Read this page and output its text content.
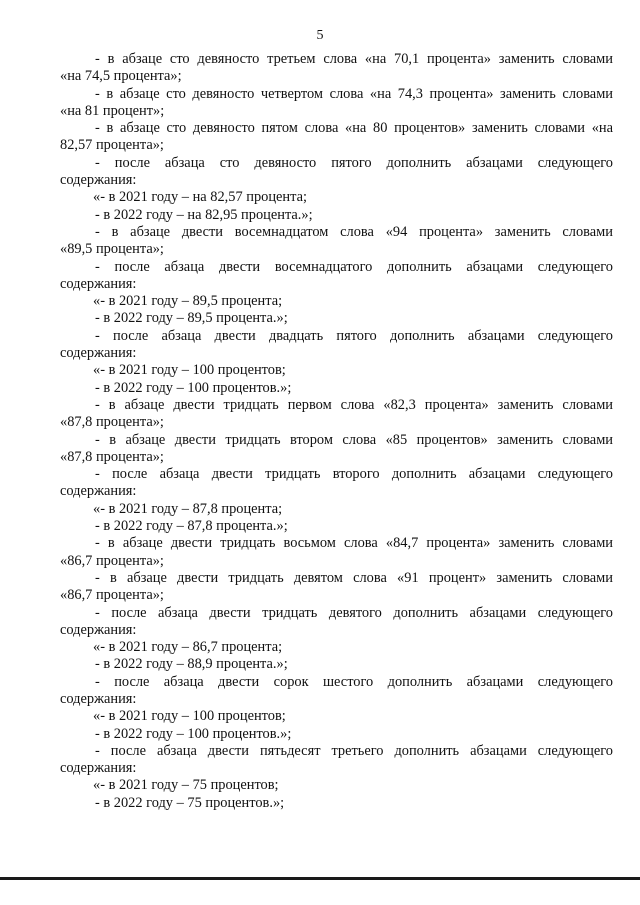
5
- в абзаце сто девяносто третьем слова «на 70,1 процента» заменить словами
«на 74,5 процента»;
- в абзаце сто девяносто четвертом слова «на 74,3 процента» заменить словами
«на 81 процент»;
- в абзаце сто девяносто пятом слова «на 80 процентов» заменить словами «на
82,57 процента»;
- после абзаца сто девяносто пятого дополнить абзацами следующего
содержания:
«- в 2021 году – на 82,57 процента;
- в 2022 году – на 82,95 процента.»;
- в абзаце двести восемнадцатом слова «94 процента» заменить словами
«89,5 процента»;
- после абзаца двести восемнадцатого дополнить абзацами следующего
содержания:
«- в 2021 году – 89,5 процента;
- в 2022 году – 89,5 процента.»;
- после абзаца двести двадцать пятого дополнить абзацами следующего
содержания:
«- в 2021 году – 100 процентов;
- в 2022 году – 100 процентов.»;
- в абзаце двести тридцать первом слова «82,3 процента» заменить словами
«87,8 процента»;
- в абзаце двести тридцать втором слова «85 процентов» заменить словами
«87,8 процента»;
- после абзаца двести тридцать второго дополнить абзацами следующего
содержания:
«- в 2021 году – 87,8 процента;
- в 2022 году – 87,8 процента.»;
- в абзаце двести тридцать восьмом слова «84,7 процента» заменить словами
«86,7 процента»;
- в абзаце двести тридцать девятом слова «91 процент» заменить словами
«86,7 процента»;
- после абзаца двести тридцать девятого дополнить абзацами следующего
содержания:
«- в 2021 году – 86,7 процента;
- в 2022 году – 88,9 процента.»;
- после абзаца двести сорок шестого дополнить абзацами следующего
содержания:
«- в 2021 году – 100 процентов;
- в 2022 году – 100 процентов.»;
- после абзаца двести пятьдесят третьего дополнить абзацами следующего
содержания:
«- в 2021 году – 75 процентов;
- в 2022 году – 75 процентов.»;
